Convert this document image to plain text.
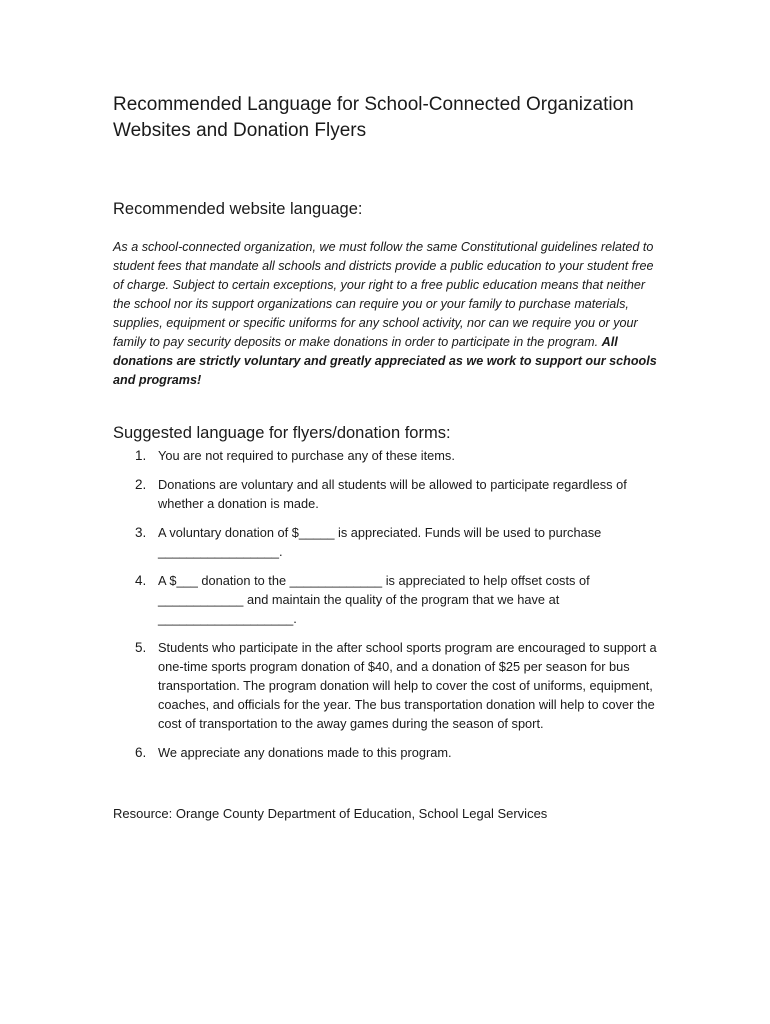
Recommended Language for School-Connected Organization Websites and Donation Flyers
Recommended website language:

As a school-connected organization, we must follow the same Constitutional guidelines related to student fees that mandate all schools and districts provide a public education to your student free of charge. Subject to certain exceptions, your right to a free public education means that neither the school nor its support organizations can require you or your family to purchase materials, supplies, equipment or specific uniforms for any school activity, nor can we require you or your family to pay security deposits or make donations in order to participate in the program. All donations are strictly voluntary and greatly appreciated as we work to support our schools and programs!

Suggested language for flyers/donation forms:
1. You are not required to purchase any of these items.
2. Donations are voluntary and all students will be allowed to participate regardless of whether a donation is made.
3. A voluntary donation of $_____ is appreciated. Funds will be used to purchase _________________.
4. A $___ donation to the _____________ is appreciated to help offset costs of ____________ and maintain the quality of the program that we have at ___________________.
5. Students who participate in the after school sports program are encouraged to support a one-time sports program donation of $40, and a donation of $25 per season for bus transportation. The program donation will help to cover the cost of uniforms, equipment, coaches, and officials for the year. The bus transportation donation will help to cover the cost of transportation to the away games during the season of sport.
6. We appreciate any donations made to this program.

Resource: Orange County Department of Education, School Legal Services
